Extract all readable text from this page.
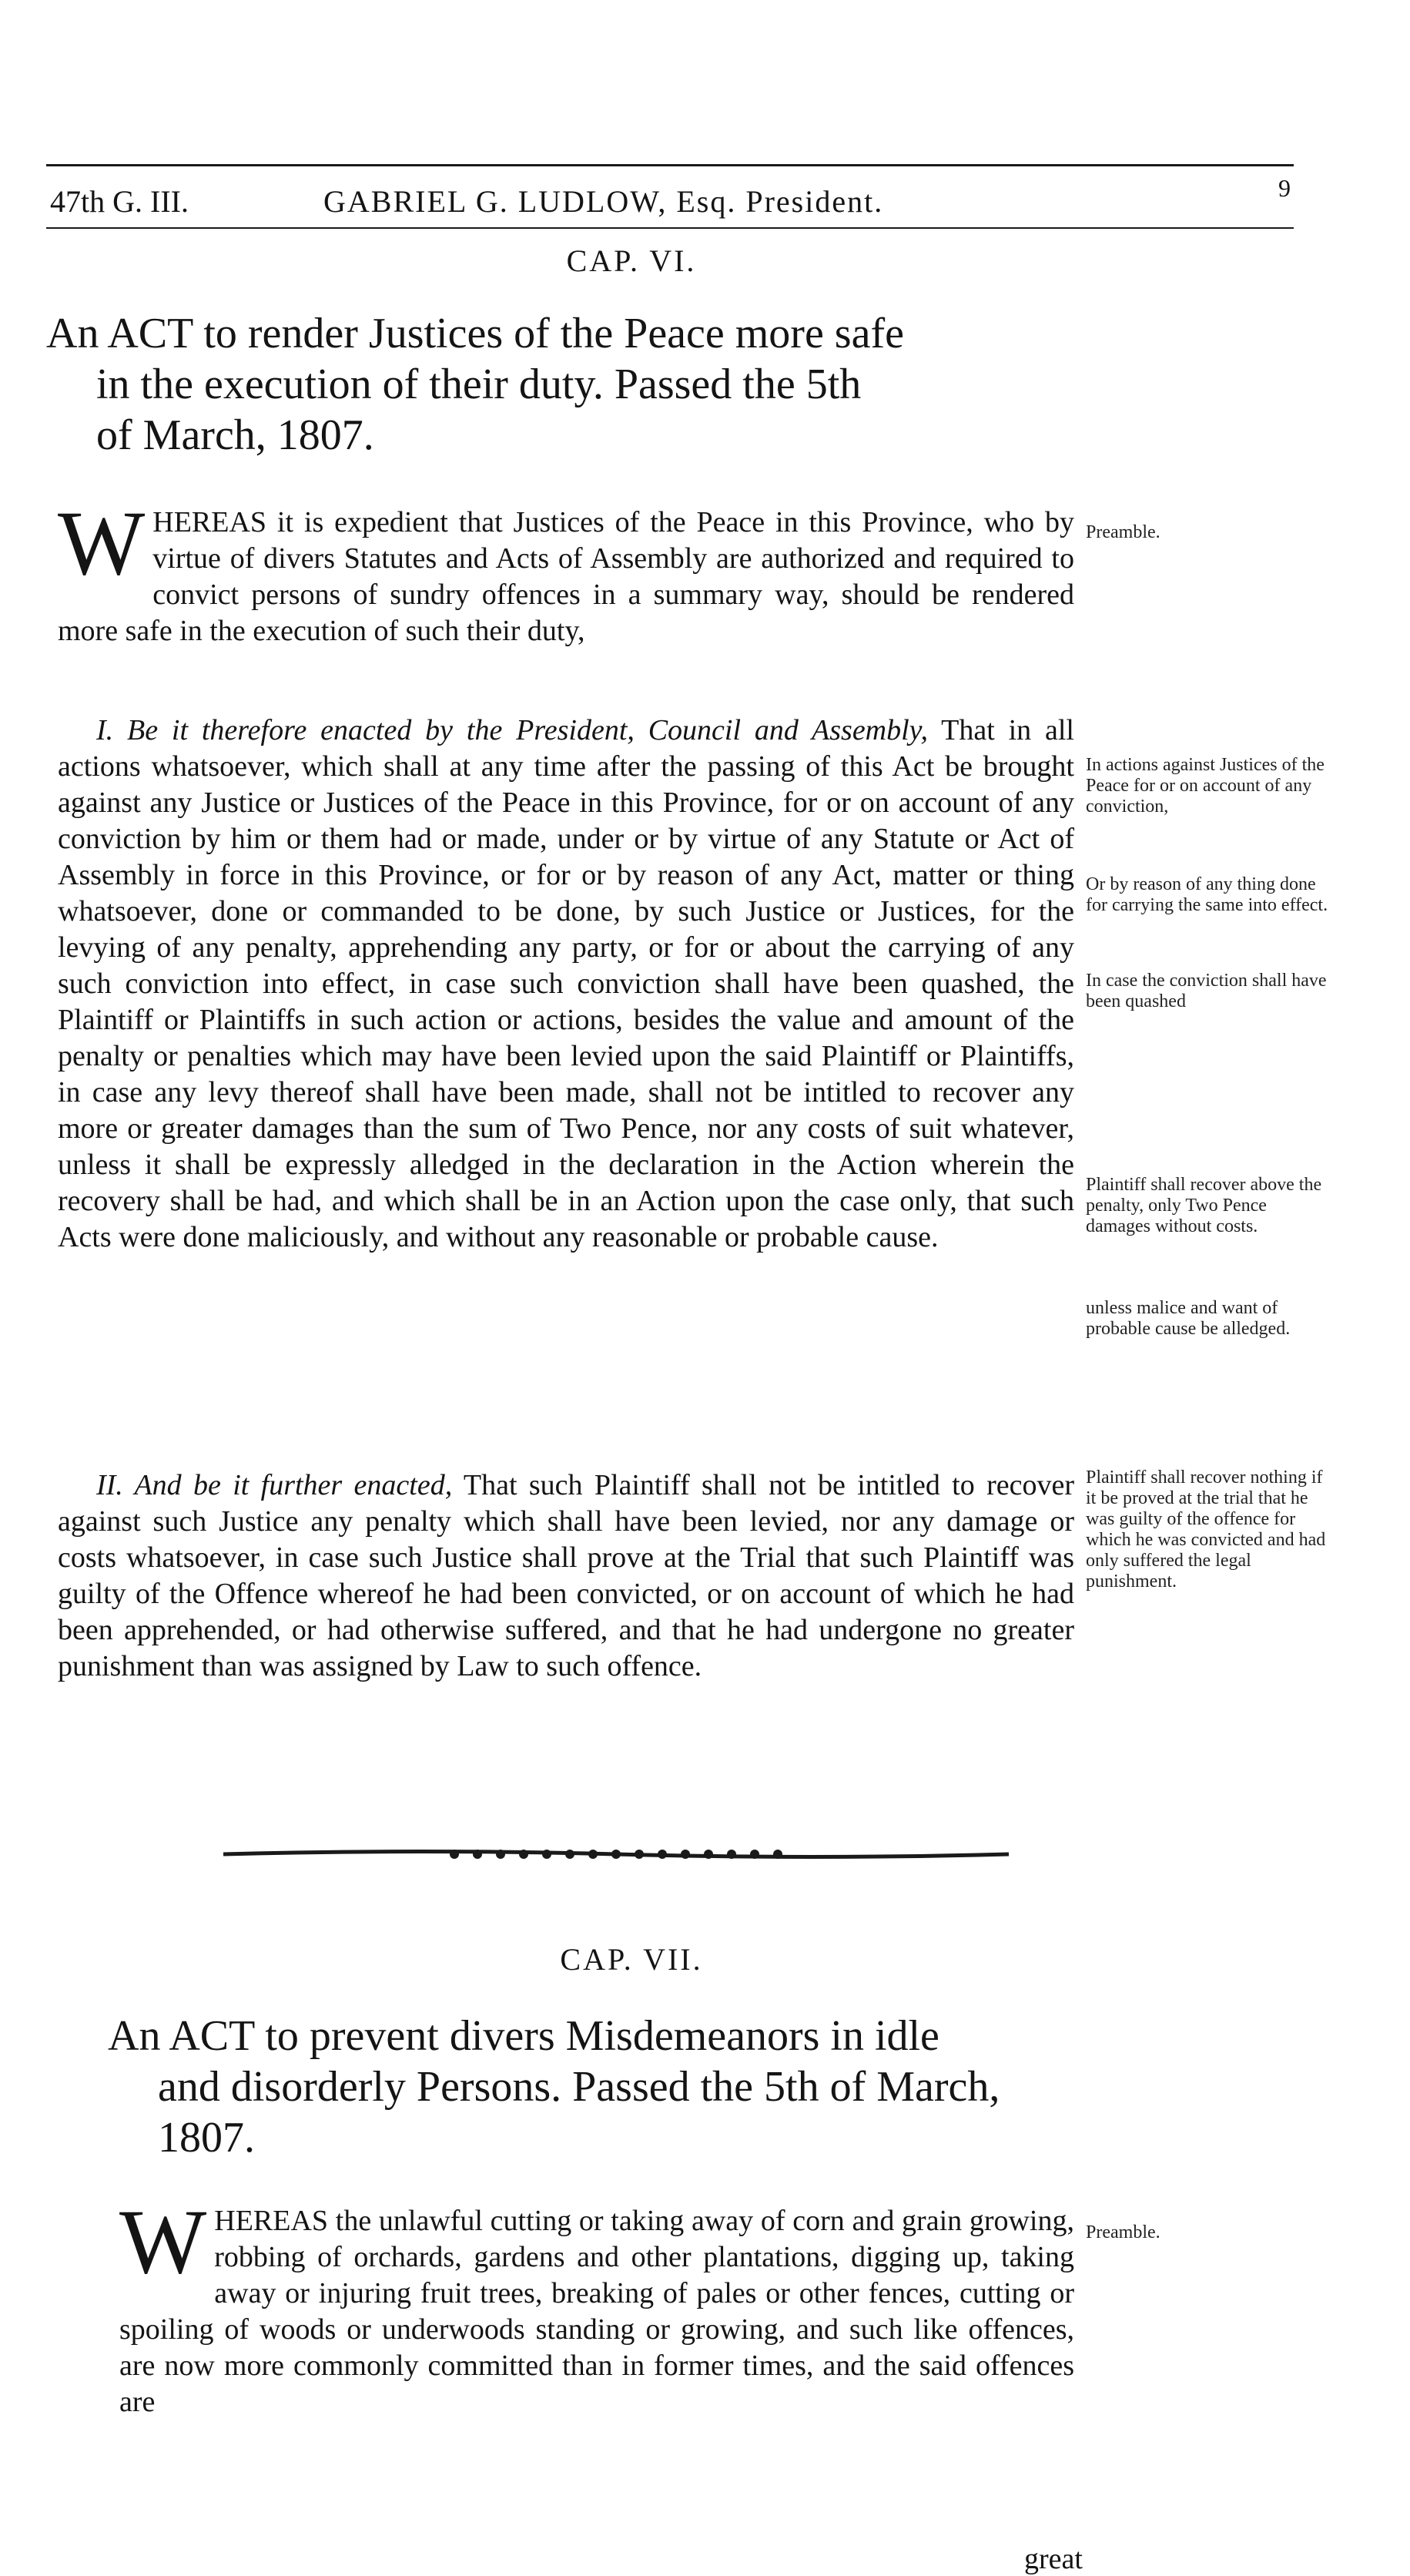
47th G. III.	GABRIEL G. LUDLOW, Esq. President.	9
CAP. VI.
An ACT to render Justices of the Peace more safe
in the execution of their duty. Passed the 5th
of March, 1807.

W HEREAS it is expedient that Justices of the Peace in this Province, who by virtue of divers Statutes and Acts of Assembly are authorized and required to convict persons of sundry offences in a summary way, should be rendered more safe in the execution of such their duty,

Preamble.

I. Be it therefore enacted by the President, Council and Assembly, That in all actions whatsoever, which shall at any time after the passing of this Act be brought against any Justice or Justices of the Peace in this Province, for or on account of any conviction by him or them had or made, under or by virtue of any Statute or Act of Assembly in force in this Province, or for or by reason of any Act, matter or thing whatsoever, done or commanded to be done, by such Justice or Justices, for the levying of any penalty, apprehending any party, or for or about the carrying of any such conviction into effect, in case such conviction shall have been quashed, the Plaintiff or Plaintiffs in such action or actions, besides the value and amount of the penalty or penalties which may have been levied upon the said Plaintiff or Plaintiffs, in case any levy thereof shall have been made, shall not be intitled to recover any more or greater damages than the sum of Two Pence, nor any costs of suit whatever, unless it shall be expressly alledged in the declaration in the Action wherein the recovery shall be had, and which shall be in an Action upon the case only, that such Acts were done maliciously, and without any reasonable or probable cause.

In actions against Justices of the Peace for or on account of any conviction,
Or by reason of any thing done for carrying the same into effect.
In case the conviction shall have been quashed
Plaintiff shall recover above the penalty, only Two Pence damages without costs.
unless malice and want of probable cause be alledged.

II. And be it further enacted, That such Plaintiff shall not be intitled to recover against such Justice any penalty which shall have been levied, nor any damage or costs whatsoever, in case such Justice shall prove at the Trial that such Plaintiff was guilty of the Offence whereof he had been convicted, or on account of which he had been apprehended, or had otherwise suffered, and that he had undergone no greater punishment than was assigned by Law to such offence.

Plaintiff shall recover nothing if it be proved at the trial that he was guilty of the offence for which he was convicted and had only suffered the legal punishment.
CAP. VII.
An ACT to prevent divers Misdemeanors in idle
and disorderly Persons. Passed the 5th of March,
1807.

W HEREAS the unlawful cutting or taking away of corn and grain growing, robbing of orchards, gardens and other plantations, digging up, taking away or injuring fruit trees, breaking of pales or other fences, cutting or spoiling of woods or underwoods standing or growing, and such like offences, are now more commonly committed than in former times, and the said offences are

Preamble.
great
